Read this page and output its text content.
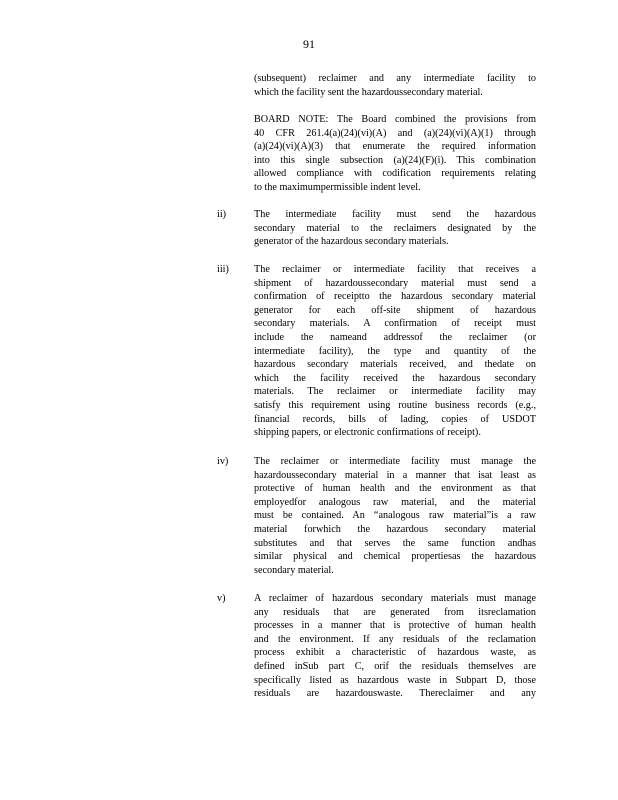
91
(subsequent) reclaimer and any intermediate facility to
which the facility sent the hazardoussecondary material.
BOARD NOTE: The Board combined the provisions from
40 CFR 261.4(a)(24)(vi)(A) and (a)(24)(vi)(A)(1) through
(a)(24)(vi)(A)(3) that enumerate the required information
into this single subsection (a)(24)(F)(i). This combination
allowed compliance with codification requirements relating
to the maximumpermissible indent level.
ii)	The intermediate facility must send the hazardous
secondary material to the reclaimers designated by the
generator of the hazardous secondary materials.
iii) The reclaimer or intermediate facility that receives a
shipment of hazardoussecondary material must send a
confirmation of receiptto the hazardous secondary material
generator for each off-site shipment of hazardous
secondary materials. A confirmation of receipt must
include the nameand addressof the reclaimer (or
intermediate facility), the type and quantity of the
hazardous secondary materials received, and thedate on
which the facility received the hazardous secondary
materials. The reclaimer or intermediate facility may
satisfy this requirement using routine business records (e.g.,
financial records, bills of lading, copies of USDOT
shipping papers, or electronic confirmations of receipt).
iv)	The reclaimer or intermediate facility must manage the
hazardoussecondary material in a manner that isat least as
protective of human health and the environment as that
employedfor analogous raw material, and the material
must be contained. An “analogous raw material”is a raw
material forwhich the hazardous secondary material
substitutes and that serves the same function andhas
similar physical and chemical propertiesas the hazardous
secondary material.
v)	A reclaimer of hazardous secondary materials must manage
any residuals that are generated from itsreclamation
processes in a manner that is protective of human health
and the environment. If any residuals of the reclamation
process exhibit a characteristic of hazardous waste, as
defined inSub part C, orif the residuals themselves are
specifically listed as hazardous waste in Subpart D, those
residuals are hazardouswaste. Thereclaimer and any
